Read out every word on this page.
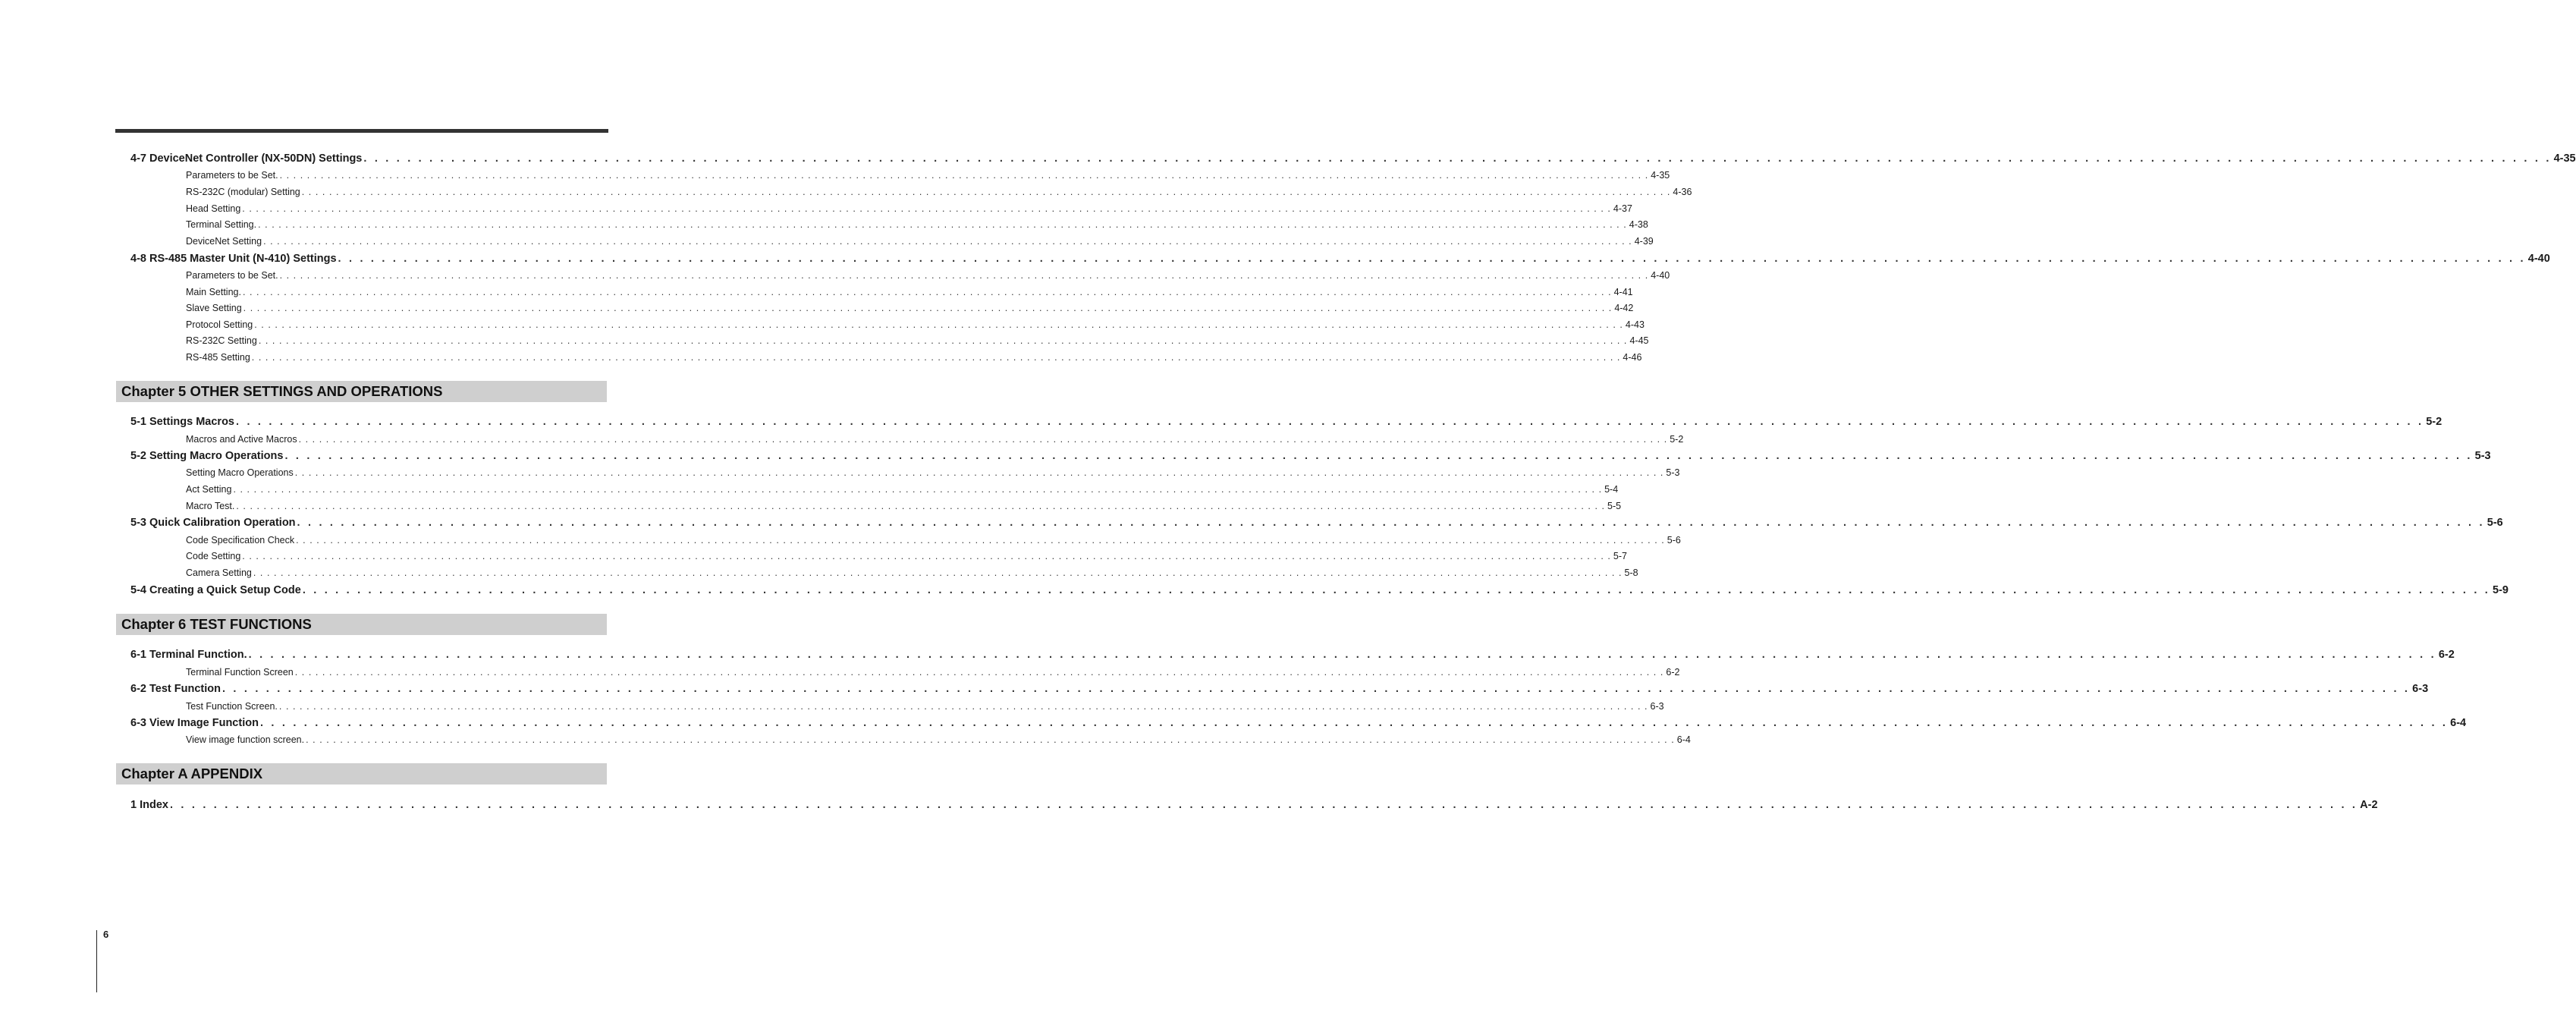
4-7 DeviceNet Controller (NX-50DN) Settings . . . . . . . . . . . . . . . . . . . . . . . . . . . . . . . . . . . . . . . . . . . . . . . . . . . . . . . . . . . . . . . . . . . . . . . . . . . . . . . . . . . . . . . . . . . . . . . . . . . . . . . . . . . . . . . . . . . . . . . . . . . . . . . . . . . . . . . . . . . . . . . . . . . . . . . . . . . . . . . . . . . . . . . . . . . . . . . . . . . . . . . . . . . . . . . . . . . . . . . . 4-35
Parameters to be Set. . . . . . . . . . . . . . . . . . . . . . . . . . . . . . . . . . . . . . . . . . . . . . . . . . . . . . . . . . . . . . . . . . . . . . . . . . . . . . . . . . . . . . . . . . . . . . . . . . . . . . . . . . . . . . . . . . . . . . . . . . . . . . . . . . . . . . . . . . . . . . . . . . . . . . . . . . . . . . . . . . . . . . . . . . . . . . . . . . . . . . . . . . . . . . . . . . . . . . . . . 4-35
RS-232C (modular) Setting . . . . . . . . . . . . . . . . . . . . . . . . . . . . . . . . . . . . . . . . . . . . . . . . . . . . . . . . . . . . . . . . . . . . . . . . . . . . . . . . . . . . . . . . . . . . . . . . . . . . . . . . . . . . . . . . . . . . . . . . . . . . . . . . . . . . . . . . . . . . . . . . . . . . . . . . . . . . . . . . . . . . . . . . . . . . . . . . . . . . . . . . . . . . . . . . . . . . . . . . 4-36
Head Setting . . . . . . . . . . . . . . . . . . . . . . . . . . . . . . . . . . . . . . . . . . . . . . . . . . . . . . . . . . . . . . . . . . . . . . . . . . . . . . . . . . . . . . . . . . . . . . . . . . . . . . . . . . . . . . . . . . . . . . . . . . . . . . . . . . . . . . . . . . . . . . . . . . . . . . . . . . . . . . . . . . . . . . . . . . . . . . . . . . . . . . . . . . . . . . . . . . . . . . . . 4-37
Terminal Setting. . . . . . . . . . . . . . . . . . . . . . . . . . . . . . . . . . . . . . . . . . . . . . . . . . . . . . . . . . . . . . . . . . . . . . . . . . . . . . . . . . . . . . . . . . . . . . . . . . . . . . . . . . . . . . . . . . . . . . . . . . . . . . . . . . . . . . . . . . . . . . . . . . . . . . . . . . . . . . . . . . . . . . . . . . . . . . . . . . . . . . . . . . . . . . . . . . . . . . . . . 4-38
DeviceNet Setting . . . . . . . . . . . . . . . . . . . . . . . . . . . . . . . . . . . . . . . . . . . . . . . . . . . . . . . . . . . . . . . . . . . . . . . . . . . . . . . . . . . . . . . . . . . . . . . . . . . . . . . . . . . . . . . . . . . . . . . . . . . . . . . . . . . . . . . . . . . . . . . . . . . . . . . . . . . . . . . . . . . . . . . . . . . . . . . . . . . . . . . . . . . . . . . . . . . . . . . . 4-39
4-8 RS-485 Master Unit (N-410) Settings . . . . . . . . . . . . . . . . . . . . . . . . . . . . . . . . . . . . . . . . . . . . . . . . . . . . . . . . . . . . . . . . . . . . . . . . . . . . . . . . . . . . . . . . . . . . . . . . . . . . . . . . . . . . . . . . . . . . . . . . . . . . . . . . . . . . . . . . . . . . . . . . . . . . . . . . . . . . . . . . . . . . . . . . . . . . . . . . . . . . . . . . . . . . . . . . . . . . . . . . 4-40
Parameters to be Set. . . . . . . . . . . . . . . . . . . . . . . . . . . . . . . . . . . . . . . . . . . . . . . . . . . . . . . . . . . . . . . . . . . . . . . . . . . . . . . . . . . . . . . . . . . . . . . . . . . . . . . . . . . . . . . . . . . . . . . . . . . . . . . . . . . . . . . . . . . . . . . . . . . . . . . . . . . . . . . . . . . . . . . . . . . . . . . . . . . . . . . . . . . . . . . . . . . . . . . . . 4-40
Main Setting. . . . . . . . . . . . . . . . . . . . . . . . . . . . . . . . . . . . . . . . . . . . . . . . . . . . . . . . . . . . . . . . . . . . . . . . . . . . . . . . . . . . . . . . . . . . . . . . . . . . . . . . . . . . . . . . . . . . . . . . . . . . . . . . . . . . . . . . . . . . . . . . . . . . . . . . . . . . . . . . . . . . . . . . . . . . . . . . . . . . . . . . . . . . . . . . . . . . . . . . . 4-41
Slave Setting . . . . . . . . . . . . . . . . . . . . . . . . . . . . . . . . . . . . . . . . . . . . . . . . . . . . . . . . . . . . . . . . . . . . . . . . . . . . . . . . . . . . . . . . . . . . . . . . . . . . . . . . . . . . . . . . . . . . . . . . . . . . . . . . . . . . . . . . . . . . . . . . . . . . . . . . . . . . . . . . . . . . . . . . . . . . . . . . . . . . . . . . . . . . . . . . . . . . . . . . 4-42
Protocol Setting . . . . . . . . . . . . . . . . . . . . . . . . . . . . . . . . . . . . . . . . . . . . . . . . . . . . . . . . . . . . . . . . . . . . . . . . . . . . . . . . . . . . . . . . . . . . . . . . . . . . . . . . . . . . . . . . . . . . . . . . . . . . . . . . . . . . . . . . . . . . . . . . . . . . . . . . . . . . . . . . . . . . . . . . . . . . . . . . . . . . . . . . . . . . . . . . . . . . . . . . 4-43
RS-232C Setting . . . . . . . . . . . . . . . . . . . . . . . . . . . . . . . . . . . . . . . . . . . . . . . . . . . . . . . . . . . . . . . . . . . . . . . . . . . . . . . . . . . . . . . . . . . . . . . . . . . . . . . . . . . . . . . . . . . . . . . . . . . . . . . . . . . . . . . . . . . . . . . . . . . . . . . . . . . . . . . . . . . . . . . . . . . . . . . . . . . . . . . . . . . . . . . . . . . . . . . . 4-45
RS-485 Setting . . . . . . . . . . . . . . . . . . . . . . . . . . . . . . . . . . . . . . . . . . . . . . . . . . . . . . . . . . . . . . . . . . . . . . . . . . . . . . . . . . . . . . . . . . . . . . . . . . . . . . . . . . . . . . . . . . . . . . . . . . . . . . . . . . . . . . . . . . . . . . . . . . . . . . . . . . . . . . . . . . . . . . . . . . . . . . . . . . . . . . . . . . . . . . . . . . . . . . . . 4-46
Chapter 5 OTHER SETTINGS AND OPERATIONS
5-1 Settings Macros . . . . . . . . . . . . . . . . . . . . . . . . . . . . . . . . . . . . . . . . . . . . . . . . . . . . . . . . . . . . . . . . . . . . . . . . . . . . . . . . . . . . . . . . . . . . . . . . . . . . . . . . . . . . . . . . . . . . . . . . . . . . . . . . . . . . . . . . . . . . . . . . . . . . . . . . . . . . . . . . . . . . . . . . . . . . . . . . . . . . . . . . . . . . . . . . . . . . . . . . 5-2
Macros and Active Macros . . . . . . . . . . . . . . . . . . . . . . . . . . . . . . . . . . . . . . . . . . . . . . . . . . . . . . . . . . . . . . . . . . . . . . . . . . . . . . . . . . . . . . . . . . . . . . . . . . . . . . . . . . . . . . . . . . . . . . . . . . . . . . . . . . . . . . . . . . . . . . . . . . . . . . . . . . . . . . . . . . . . . . . . . . . . . . . . . . . . . . . . . . . . . . . . . . . . . . . . 5-2
5-2 Setting Macro Operations . . . . . . . . . . . . . . . . . . . . . . . . . . . . . . . . . . . . . . . . . . . . . . . . . . . . . . . . . . . . . . . . . . . . . . . . . . . . . . . . . . . . . . . . . . . . . . . . . . . . . . . . . . . . . . . . . . . . . . . . . . . . . . . . . . . . . . . . . . . . . . . . . . . . . . . . . . . . . . . . . . . . . . . . . . . . . . . . . . . . . . . . . . . . . . . . . . . . . . . . 5-3
Setting Macro Operations . . . . . . . . . . . . . . . . . . . . . . . . . . . . . . . . . . . . . . . . . . . . . . . . . . . . . . . . . . . . . . . . . . . . . . . . . . . . . . . . . . . . . . . . . . . . . . . . . . . . . . . . . . . . . . . . . . . . . . . . . . . . . . . . . . . . . . . . . . . . . . . . . . . . . . . . . . . . . . . . . . . . . . . . . . . . . . . . . . . . . . . . . . . . . . . . . . . . . . . . 5-3
Act Setting . . . . . . . . . . . . . . . . . . . . . . . . . . . . . . . . . . . . . . . . . . . . . . . . . . . . . . . . . . . . . . . . . . . . . . . . . . . . . . . . . . . . . . . . . . . . . . . . . . . . . . . . . . . . . . . . . . . . . . . . . . . . . . . . . . . . . . . . . . . . . . . . . . . . . . . . . . . . . . . . . . . . . . . . . . . . . . . . . . . . . . . . . . . . . . . . . . . . . . . . 5-4
Macro Test. . . . . . . . . . . . . . . . . . . . . . . . . . . . . . . . . . . . . . . . . . . . . . . . . . . . . . . . . . . . . . . . . . . . . . . . . . . . . . . . . . . . . . . . . . . . . . . . . . . . . . . . . . . . . . . . . . . . . . . . . . . . . . . . . . . . . . . . . . . . . . . . . . . . . . . . . . . . . . . . . . . . . . . . . . . . . . . . . . . . . . . . . . . . . . . . . . . . . . . . . 5-5
5-3 Quick Calibration Operation . . . . . . . . . . . . . . . . . . . . . . . . . . . . . . . . . . . . . . . . . . . . . . . . . . . . . . . . . . . . . . . . . . . . . . . . . . . . . . . . . . . . . . . . . . . . . . . . . . . . . . . . . . . . . . . . . . . . . . . . . . . . . . . . . . . . . . . . . . . . . . . . . . . . . . . . . . . . . . . . . . . . . . . . . . . . . . . . . . . . . . . . . . . . . . . . . . . . . . . . 5-6
Code Specification Check . . . . . . . . . . . . . . . . . . . . . . . . . . . . . . . . . . . . . . . . . . . . . . . . . . . . . . . . . . . . . . . . . . . . . . . . . . . . . . . . . . . . . . . . . . . . . . . . . . . . . . . . . . . . . . . . . . . . . . . . . . . . . . . . . . . . . . . . . . . . . . . . . . . . . . . . . . . . . . . . . . . . . . . . . . . . . . . . . . . . . . . . . . . . . . . . . . . . . . . . 5-6
Code Setting . . . . . . . . . . . . . . . . . . . . . . . . . . . . . . . . . . . . . . . . . . . . . . . . . . . . . . . . . . . . . . . . . . . . . . . . . . . . . . . . . . . . . . . . . . . . . . . . . . . . . . . . . . . . . . . . . . . . . . . . . . . . . . . . . . . . . . . . . . . . . . . . . . . . . . . . . . . . . . . . . . . . . . . . . . . . . . . . . . . . . . . . . . . . . . . . . . . . . . . . 5-7
Camera Setting . . . . . . . . . . . . . . . . . . . . . . . . . . . . . . . . . . . . . . . . . . . . . . . . . . . . . . . . . . . . . . . . . . . . . . . . . . . . . . . . . . . . . . . . . . . . . . . . . . . . . . . . . . . . . . . . . . . . . . . . . . . . . . . . . . . . . . . . . . . . . . . . . . . . . . . . . . . . . . . . . . . . . . . . . . . . . . . . . . . . . . . . . . . . . . . . . . . . . . . . 5-8
5-4 Creating a Quick Setup Code . . . . . . . . . . . . . . . . . . . . . . . . . . . . . . . . . . . . . . . . . . . . . . . . . . . . . . . . . . . . . . . . . . . . . . . . . . . . . . . . . . . . . . . . . . . . . . . . . . . . . . . . . . . . . . . . . . . . . . . . . . . . . . . . . . . . . . . . . . . . . . . . . . . . . . . . . . . . . . . . . . . . . . . . . . . . . . . . . . . . . . . . . . . . . . . . . . . . . . . . 5-9
Chapter 6 TEST FUNCTIONS
6-1 Terminal Function. . . . . . . . . . . . . . . . . . . . . . . . . . . . . . . . . . . . . . . . . . . . . . . . . . . . . . . . . . . . . . . . . . . . . . . . . . . . . . . . . . . . . . . . . . . . . . . . . . . . . . . . . . . . . . . . . . . . . . . . . . . . . . . . . . . . . . . . . . . . . . . . . . . . . . . . . . . . . . . . . . . . . . . . . . . . . . . . . . . . . . . . . . . . . . . . . . . . . . . . . 6-2
Terminal Function Screen . . . . . . . . . . . . . . . . . . . . . . . . . . . . . . . . . . . . . . . . . . . . . . . . . . . . . . . . . . . . . . . . . . . . . . . . . . . . . . . . . . . . . . . . . . . . . . . . . . . . . . . . . . . . . . . . . . . . . . . . . . . . . . . . . . . . . . . . . . . . . . . . . . . . . . . . . . . . . . . . . . . . . . . . . . . . . . . . . . . . . . . . . . . . . . . . . . . . . . . . 6-2
6-2 Test Function . . . . . . . . . . . . . . . . . . . . . . . . . . . . . . . . . . . . . . . . . . . . . . . . . . . . . . . . . . . . . . . . . . . . . . . . . . . . . . . . . . . . . . . . . . . . . . . . . . . . . . . . . . . . . . . . . . . . . . . . . . . . . . . . . . . . . . . . . . . . . . . . . . . . . . . . . . . . . . . . . . . . . . . . . . . . . . . . . . . . . . . . . . . . . . . . . . . . . . . . 6-3
Test Function Screen. . . . . . . . . . . . . . . . . . . . . . . . . . . . . . . . . . . . . . . . . . . . . . . . . . . . . . . . . . . . . . . . . . . . . . . . . . . . . . . . . . . . . . . . . . . . . . . . . . . . . . . . . . . . . . . . . . . . . . . . . . . . . . . . . . . . . . . . . . . . . . . . . . . . . . . . . . . . . . . . . . . . . . . . . . . . . . . . . . . . . . . . . . . . . . . . . . . . . . . . . 6-3
6-3 View Image Function . . . . . . . . . . . . . . . . . . . . . . . . . . . . . . . . . . . . . . . . . . . . . . . . . . . . . . . . . . . . . . . . . . . . . . . . . . . . . . . . . . . . . . . . . . . . . . . . . . . . . . . . . . . . . . . . . . . . . . . . . . . . . . . . . . . . . . . . . . . . . . . . . . . . . . . . . . . . . . . . . . . . . . . . . . . . . . . . . . . . . . . . . . . . . . . . . . . . . . . . 6-4
View image function screen. . . . . . . . . . . . . . . . . . . . . . . . . . . . . . . . . . . . . . . . . . . . . . . . . . . . . . . . . . . . . . . . . . . . . . . . . . . . . . . . . . . . . . . . . . . . . . . . . . . . . . . . . . . . . . . . . . . . . . . . . . . . . . . . . . . . . . . . . . . . . . . . . . . . . . . . . . . . . . . . . . . . . . . . . . . . . . . . . . . . . . . . . . . . . . . . . . . . . . . . . 6-4
Chapter A APPENDIX
1 Index . . . . . . . . . . . . . . . . . . . . . . . . . . . . . . . . . . . . . . . . . . . . . . . . . . . . . . . . . . . . . . . . . . . . . . . . . . . . . . . . . . . . . . . . . . . . . . . . . . . . . . . . . . . . . . . . . . . . . . . . . . . . . . . . . . . . . . . . . . . . . . . . . . . . . . . . . . . . . . . . . . . . . . . . . . . . . . . . . . . . . . . . . . . . . . . . . . . . . . . . A-2
6
